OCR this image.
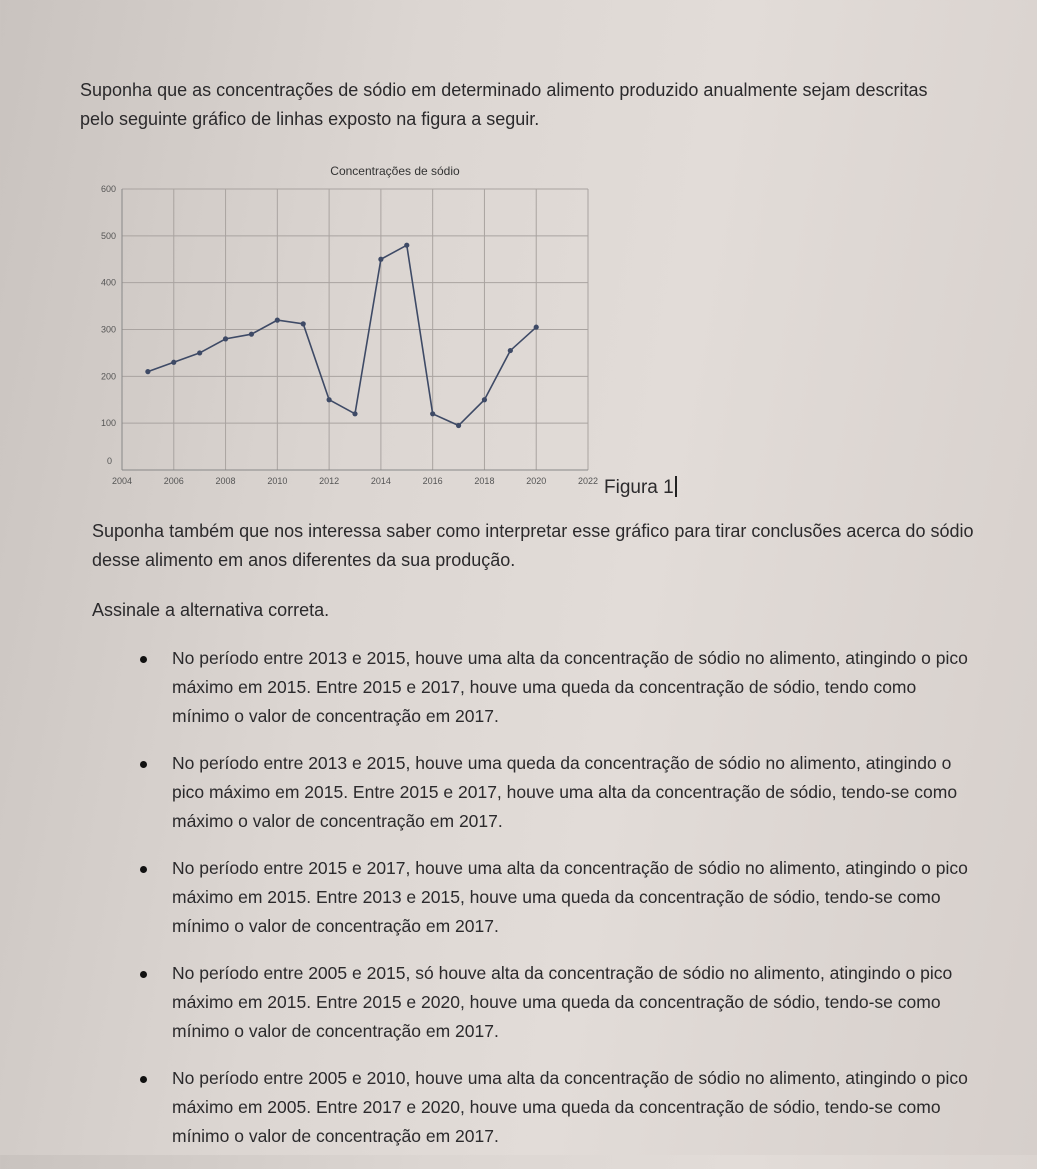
Suponha que as concentrações de sódio em determinado alimento produzido anualmente sejam descritas pelo seguinte gráfico de linhas exposto na figura a seguir.

Concentrações de sódio
0
100
200
300
400
500
600
2004	2006	2008	2010	2012	2014	2016	2018	2020	2022 Figura 1

Suponha também que nos interessa saber como interpretar esse gráfico para tirar conclusões acerca do sódio desse alimento em anos diferentes da sua produção.

Assinale a alternativa correta.

No período entre 2013 e 2015, houve uma alta da concentração de sódio no alimento, atingindo o pico máximo em 2015. Entre 2015 e 2017, houve uma queda da concentração de sódio, tendo como mínimo o valor de concentração em 2017.
No período entre 2013 e 2015, houve uma queda da concentração de sódio no alimento, atingindo o pico máximo em 2015. Entre 2015 e 2017, houve uma alta da concentração de sódio, tendo-se como máximo o valor de concentração em 2017.
No período entre 2015 e 2017, houve uma alta da concentração de sódio no alimento, atingindo o pico máximo em 2015. Entre 2013 e 2015, houve uma queda da concentração de sódio, tendo-se como mínimo o valor de concentração em 2017.
No período entre 2005 e 2015, só houve alta da concentração de sódio no alimento, atingindo o pico máximo em 2015. Entre 2015 e 2020, houve uma queda da concentração de sódio, tendo-se como mínimo o valor de concentração em 2017.
No período entre 2005 e 2010, houve uma alta da concentração de sódio no alimento, atingindo o pico máximo em 2005. Entre 2017 e 2020, houve uma queda da concentração de sódio, tendo-se como mínimo o valor de concentração em 2017.
